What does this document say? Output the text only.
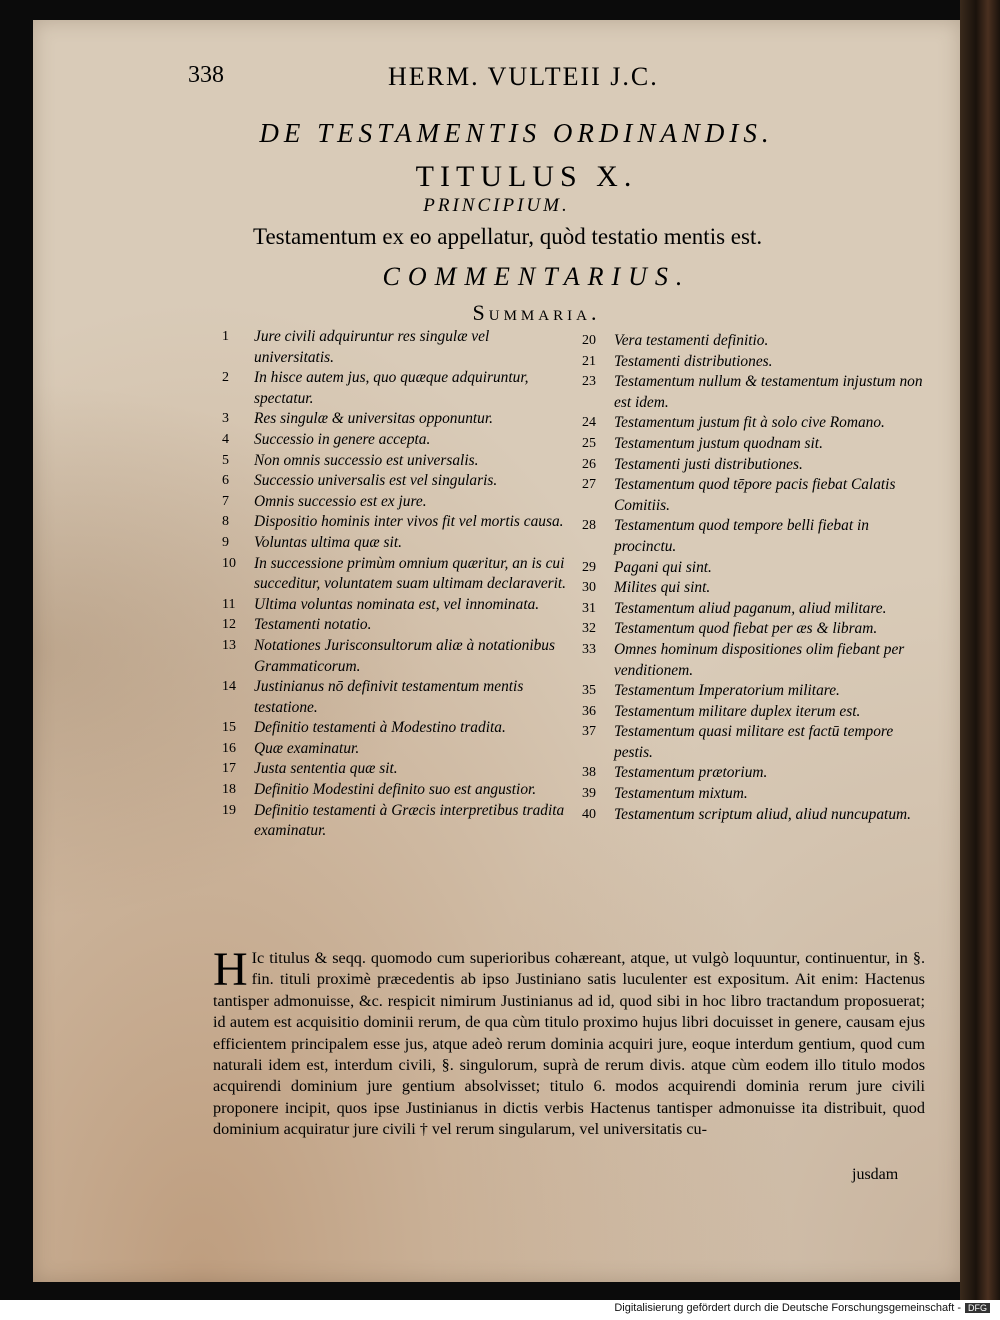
338	HERM. VULTEII J.C.
DE TESTAMENTIS ORDINANDIS.
TITULUS X.
PRINCIPIUM.
Testamentum ex eo appellatur, quòd testatio mentis est.
COMMENTARIUS.
Summaria.
1 Jure civili adquiruntur res singulæ vel universitatis.
2 In hisce autem jus, quo quæque adquiruntur, spectatur.
3 Res singulæ & universitas opponuntur.
4 Successio in genere accepta.
5 Non omnis successio est universalis.
6 Successio universalis est vel singularis.
7 Omnis successio est ex jure.
8 Dispositio hominis inter vivos fit vel mortis causa.
9 Voluntas ultima quæ sit.
10 In successione primùm omnium quæritur, an is cui succeditur, voluntatem suam ultimam declaraverit.
11 Ultima voluntas nominata est, vel innominata.
12 Testamenti notatio.
13 Notationes Jurisconsultorum aliæ à notationibus Grammaticorum.
14 Justinianus nō definivit testamentum mentis testatione.
15 Definitio testamenti à Modestino tradita.
16 Quæ examinatur.
17 Justa sententia quæ sit.
18 Definitio Modestini definito suo est angustior.
19 Definitio testamenti à Græcis interpretibus tradita examinatur.
20 Vera testamenti definitio.
21 Testamenti distributiones.
23 Testamentum nullum & testamentum injustum non est idem.
24 Testamentum justum fit à solo cive Romano.
25 Testamentum justum quodnam sit.
26 Testamenti justi distributiones.
27 Testamentum quod tēpore pacis fiebat Calatis Comitiis.
28 Testamentum quod tempore belli fiebat in procinctu.
29 Pagani qui sint.
30 Milites qui sint.
31 Testamentum aliud paganum, aliud militare.
32 Testamentum quod fiebat per æs & libram.
33 Omnes hominum dispositiones olim fiebant per venditionem.
35 Testamentum Imperatorium militare.
36 Testamentum militare duplex iterum est.
37 Testamentum quasi militare est factū tempore pestis.
38 Testamentum prætorium.
39 Testamentum mixtum.
40 Testamentum scriptum aliud, aliud nuncupatum.

H Ic titulus & seqq. quomodo cum superioribus cohæreant, atque, ut vulgò loquuntur, continuentur, in §. fin. tituli proximè præcedentis ab ipso Justiniano satis luculenter est expositum. Ait enim: Hactenus tantisper admonuisse, &c. respicit nimirum Justinianus ad id, quod sibi in hoc libro tractandum proposuerat; id autem est acquisitio dominii rerum, de qua cùm titulo proximo hujus libri docuisset in genere, causam ejus efficientem principalem esse jus, atque adeò rerum dominia acquiri jure, eoque interdum gentium, quod cum naturali idem est, interdum civili, §. singulorum, suprà de rerum divis. atque cùm eodem illo titulo modos acquirendi dominium jure gentium absolvisset; titulo 6. modos acquirendi dominia rerum jure civili proponere incipit, quos ipse Justinianus in dictis verbis Hactenus tantisper admonuisse ita distribuit, quod dominium acquiratur jure civili † vel rerum singularum, vel universitatis cu-

jusdam
Digitalisierung gefördert durch die Deutsche Forschungsgemeinschaft - DFG
